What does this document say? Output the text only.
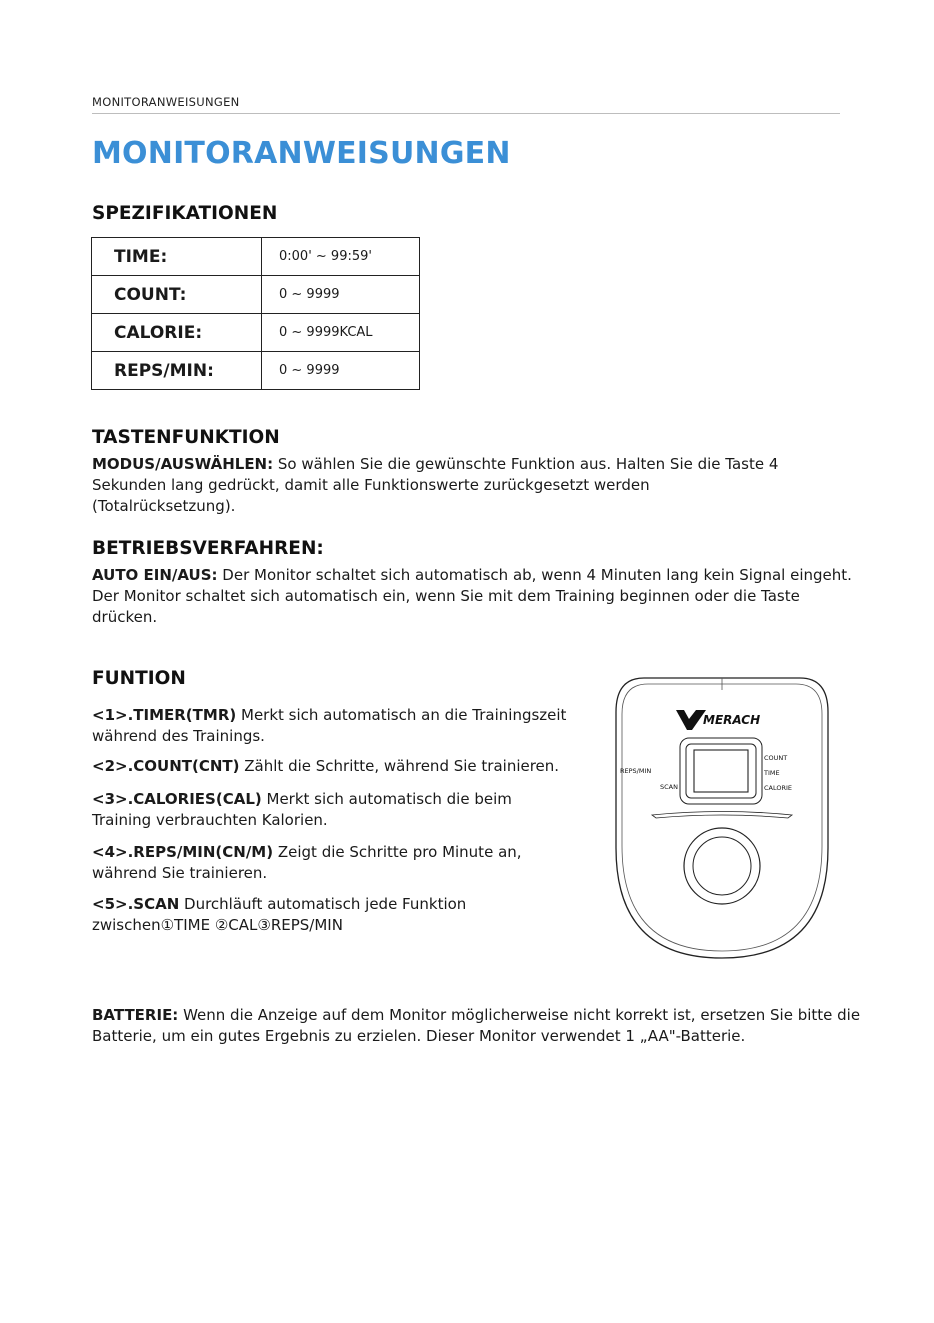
MONITORANWEISUNGEN
MONITORANWEISUNGEN
SPEZIFIKATIONEN
TIME:	0:00' ~ 99:59'
COUNT:	0 ~ 9999
CALORIE:	0 ~ 9999KCAL
REPS/MIN:	0 ~ 9999
TASTENFUNKTION

MODUS/AUSWÄHLEN: So wählen Sie die gewünschte Funktion aus. Halten Sie die Taste 4 Sekunden lang gedrückt, damit alle Funktionswerte zurückgesetzt werden (Totalrücksetzung).

BETRIEBSVERFAHREN:

AUTO EIN/AUS: Der Monitor schaltet sich automatisch ab, wenn 4 Minuten lang kein Signal eingeht. Der Monitor schaltet sich automatisch ein, wenn Sie mit dem Training beginnen oder die Taste drücken.

FUNTION

<1>.TIMER(TMR) Merkt sich automatisch an die Trainingszeit während des Trainings.

<2>.COUNT(CNT) Zählt die Schritte, während Sie trainieren.

<3>.CALORIES(CAL) Merkt sich automatisch die beim Training verbrauchten Kalorien.

<4>.REPS/MIN(CN/M) Zeigt die Schritte pro Minute an, während Sie trainieren.

<5>.SCAN Durchläuft automatisch jede Funktion zwischen①TIME ②CAL③REPS/MIN

MERACH
REPS/MIN
SCAN
COUNT
TIME
CALORIE

BATTERIE: Wenn die Anzeige auf dem Monitor möglicherweise nicht korrekt ist, ersetzen Sie bitte die Batterie, um ein gutes Ergebnis zu erzielen. Dieser Monitor verwendet 1 „AA"-Batterie.
